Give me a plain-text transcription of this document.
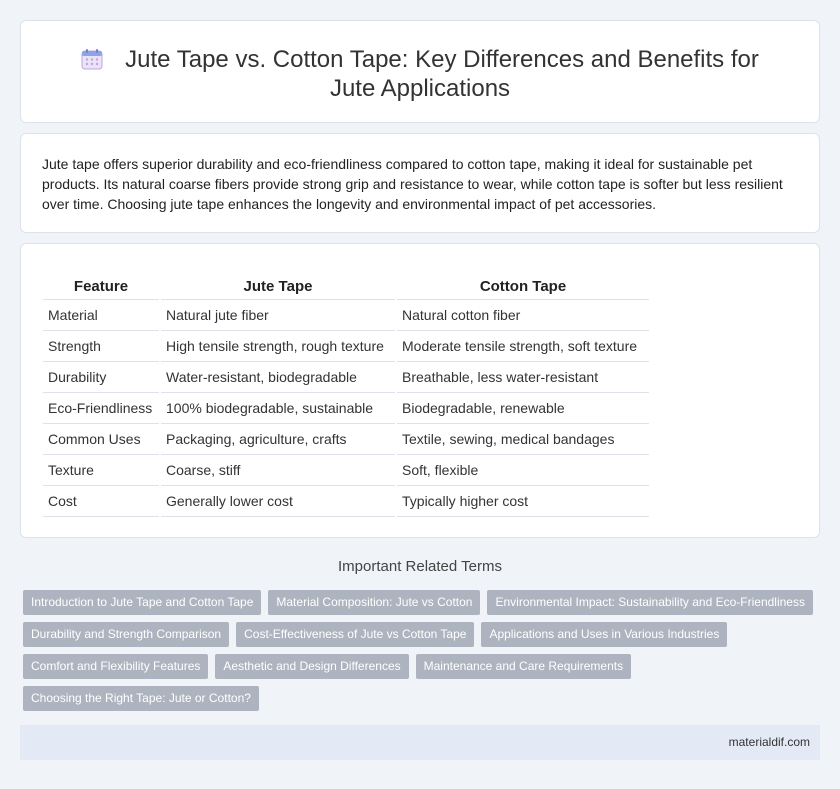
Jute Tape vs. Cotton Tape: Key Differences and Benefits for Jute Applications

Jute tape offers superior durability and eco-friendliness compared to cotton tape, making it ideal for sustainable pet products. Its natural coarse fibers provide strong grip and resistance to wear, while cotton tape is softer but less resilient over time. Choosing jute tape enhances the longevity and environmental impact of pet accessories.

Feature	Jute Tape	Cotton Tape
Material	Natural jute fiber	Natural cotton fiber
Strength	High tensile strength, rough texture	Moderate tensile strength, soft texture
Durability	Water-resistant, biodegradable	Breathable, less water-resistant
Eco-Friendliness	100% biodegradable, sustainable	Biodegradable, renewable
Common Uses	Packaging, agriculture, crafts	Textile, sewing, medical bandages
Texture	Coarse, stiff	Soft, flexible
Cost	Generally lower cost	Typically higher cost
Important Related Terms
Introduction to Jute Tape and Cotton Tape Material Composition: Jute vs Cotton Environmental Impact: Sustainability and Eco-FriendlinessDurability and Strength Comparison Cost-Effectiveness of Jute vs Cotton Tape Applications and Uses in Various IndustriesComfort and Flexibility Features Aesthetic and Design Differences Maintenance and Care RequirementsChoosing the Right Tape: Jute or Cotton?
materialdif.com
